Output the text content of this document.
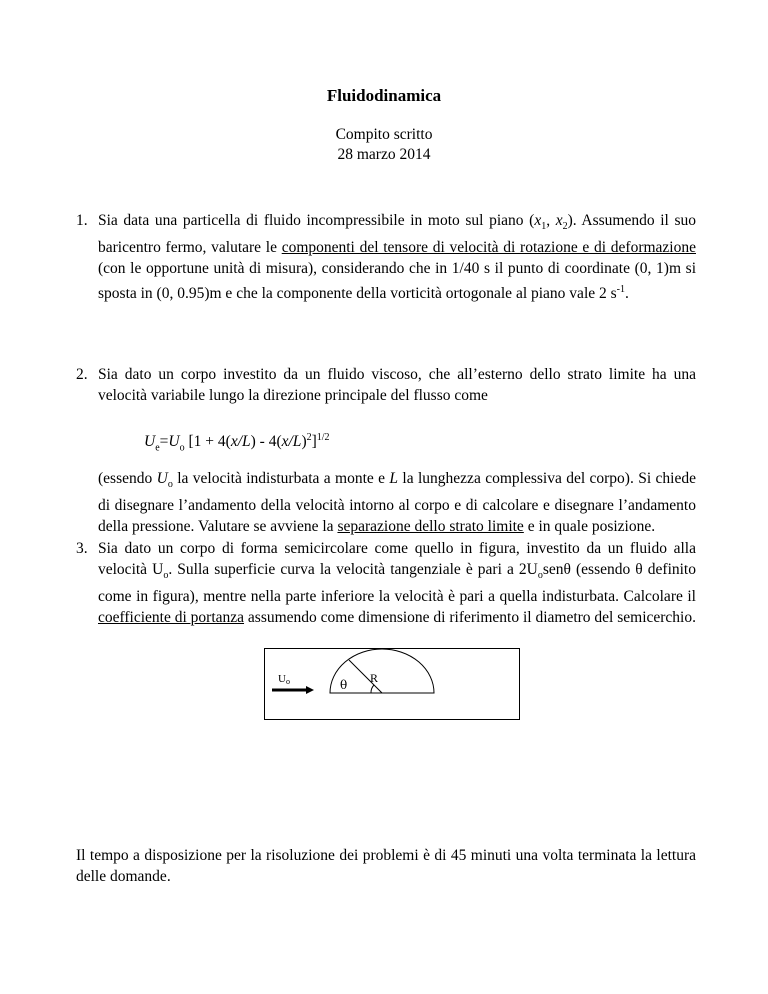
Fluidodinamica
Compito scritto
28 marzo 2014
1. Sia data una particella di fluido incompressibile in moto sul piano ($x_1$, $x_2$). Assumendo il suo baricentro fermo, valutare le componenti del tensore di velocità di rotazione e di deformazione (con le opportune unità di misura), considerando che in 1/40 s il punto di coordinate (0, 1)m si sposta in (0, 0.95)m e che la componente della vorticità ortogonale al piano vale 2 $s^{-1}$.
2. Sia dato un corpo investito da un fluido viscoso, che all’esterno dello strato limite ha una velocità variabile lungo la direzione principale del flusso come
$U_e=U_o$ $[1 + 4(x/L) - 4(x/L)^2]^{1/2}$
(essendo $U_o$ la velocità indisturbata a monte e L la lunghezza complessiva del corpo). Si chiede di disegnare l’andamento della velocità intorno al corpo e di calcolare e disegnare l’andamento della pressione. Valutare se avviene la separazione dello strato limite e in quale posizione.
3. Sia dato un corpo di forma semicircolare come quello in figura, investito da un fluido alla velocità $U_o$. Sulla superficie curva la velocità tangenziale è pari a $2U_osen\theta$ (essendo θ definito come in figura), mentre nella parte inferiore la velocità è pari a quella indisturbata. Calcolare il coefficiente di portanza assumendo come dimensione di riferimento il diametro del semicerchio.
Uo	θ R
Il tempo a disposizione per la risoluzione dei problemi è di 45 minuti una volta terminata la lettura delle domande.
